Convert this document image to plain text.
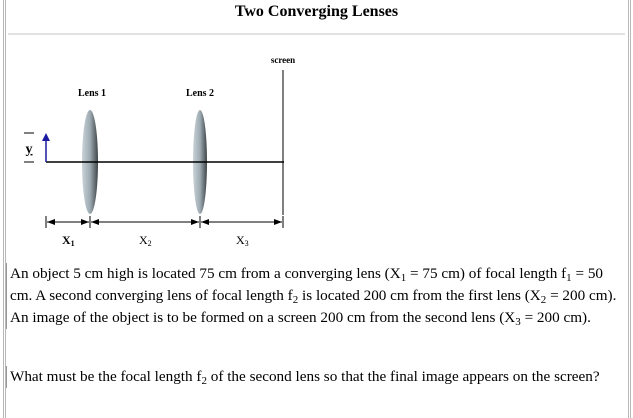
Two Converging Lenses
screen
Lens 1	Lens 2
y
X1	X2	X3
An object 5 cm high is located 75 cm from a converging lens ($X_1 = 75$ cm) of focal length $f_1 = 50$ cm. A second converging lens of focal length $f_2$ is located 200 cm from the first lens ($X_2 = 200$ cm). An image of the object is to be formed on a screen 200 cm from the second lens ($X_3 = 200$ cm).
What must be the focal length $f_2$ of the second lens so that the final image appears on the screen?
